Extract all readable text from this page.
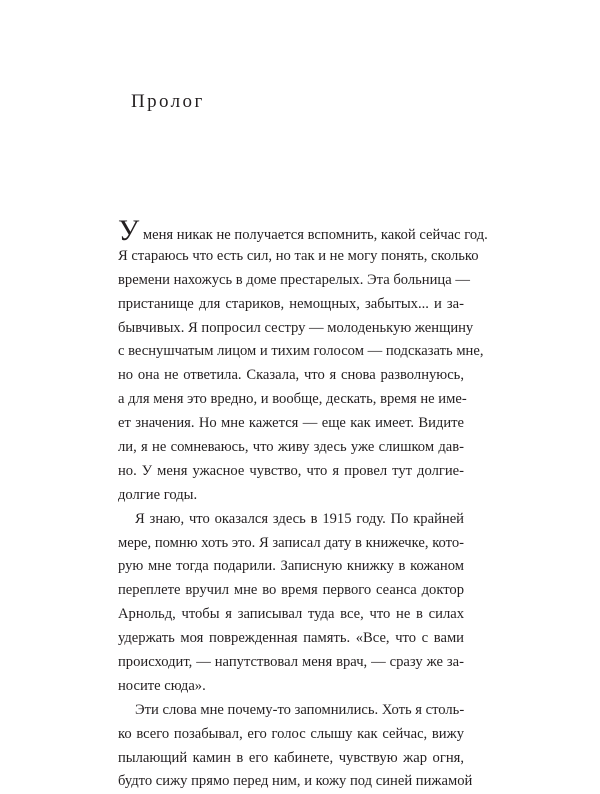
Пролог
У меня никак не получается вспомнить, какой сейчас год.
Я стараюсь что есть сил, но так и не могу понять, сколько
времени нахожусь в доме престарелых. Эта больница —
пристанище для стариков, немощных, забытых... и за-
бывчивых. Я попросил сестру — молоденькую женщину
с веснушчатым лицом и тихим голосом — подсказать мне,
но она не ответила. Сказала, что я снова разволнуюсь,
а для меня это вредно, и вообще, дескать, время не име-
ет значения. Но мне кажется — еще как имеет. Видите
ли, я не сомневаюсь, что живу здесь уже слишком дав-
но. У меня ужасное чувство, что я провел тут долгие-
долгие годы.
Я знаю, что оказался здесь в 1915 году. По крайней
мере, помню хоть это. Я записал дату в книжечке, кото-
рую мне тогда подарили. Записную книжку в кожаном
переплете вручил мне во время первого сеанса доктор
Арнольд, чтобы я записывал туда все, что не в силах
удержать моя поврежденная память. «Все, что с вами
происходит, — напутствовал меня врач, — сразу же за-
носите сюда».
Эти слова мне почему-то запомнились. Хоть я столь-
ко всего позабывал, его голос слышу как сейчас, вижу
пылающий камин в его кабинете, чувствую жар огня,
будто сижу прямо перед ним, и кожу под синей пижамой
